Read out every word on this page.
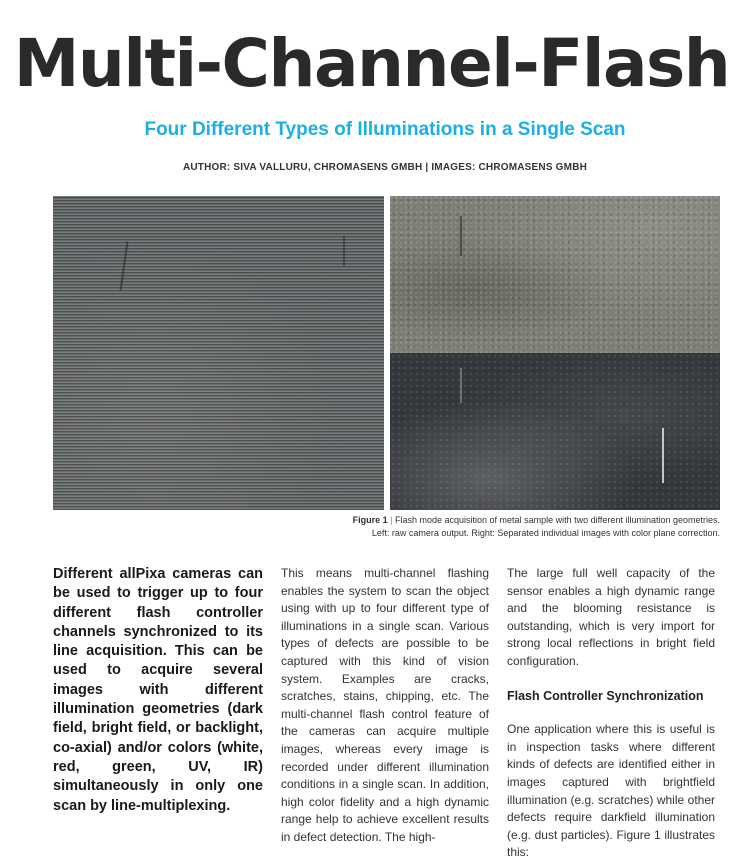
Multi-Channel-Flash
Four Different Types of Illuminations in a Single Scan
AUTHOR: SIVA VALLURU, CHROMASENS GMBH | IMAGES: CHROMASENS GMBH
Figure 1 | Flash mode acquisition of metal sample with two different illumination geometries.
Left: raw camera output. Right: Separated individual images with color plane correction.

Different allPixa cameras can be used to trigger up to four different flash controller channels synchronized to its line acquisition. This can be used to acquire several images with different illumination geometries (dark field, bright field, or backlight, co-axial) and/or colors (white, red, green, UV, IR) simultaneously in only one scan by line-multiplexing.

This means multi-channel flashing enables the system to scan the object using with up to four different type of illuminations in a single scan. Various types of defects are possible to be captured with this kind of vision system. Examples are cracks, scratches, stains, chipping, etc. The multi-channel flash control feature of the cameras can acquire multiple images, whereas every image is recorded under different illumination conditions in a single scan. In addition, high color fidelity and a high dynamic range help to achieve excellent results in defect detection. The high-

The large full well capacity of the sensor enables a high dynamic range and the blooming resistance is outstanding, which is very import for strong local reflections in bright field configuration.

Flash Controller Synchronization

One application where this is useful is in inspection tasks where different kinds of defects are identified either in images captured with brightfield illumination (e.g. scratches) while other defects require darkfield illumination (e.g. dust particles). Figure 1 illustrates this:
